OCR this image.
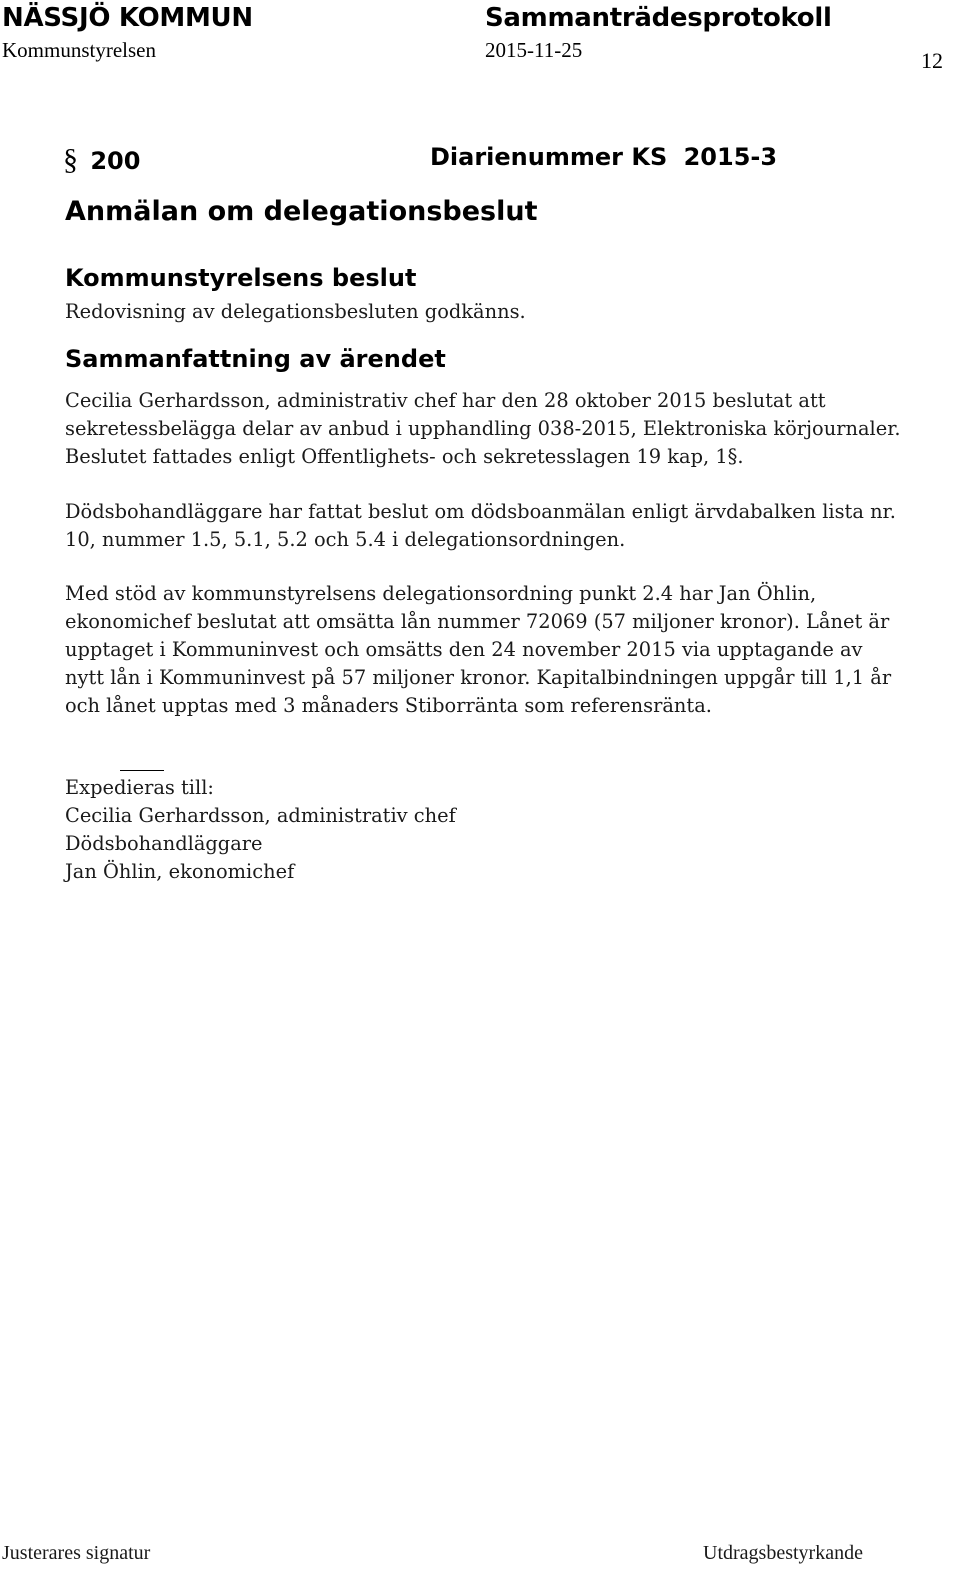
NÄSSJÖ KOMMUN	Sammanträdesprotokoll
Kommunstyrelsen	2015-11-25	12
§ 200	Diarienummer KS 2015-3
Anmälan om delegationsbeslut
Kommunstyrelsens beslut
Redovisning av delegationsbesluten godkänns.
Sammanfattning av ärendet
Cecilia Gerhardsson, administrativ chef har den 28 oktober 2015 beslutat att
sekretessbelägga delar av anbud i upphandling 038-2015, Elektroniska körjournaler.
Beslutet fattades enligt Offentlighets- och sekretesslagen 19 kap, 1§.
Dödsbohandläggare har fattat beslut om dödsboanmälan enligt ärvdabalken lista nr.
10, nummer 1.5, 5.1, 5.2 och 5.4 i delegationsordningen.
Med stöd av kommunstyrelsens delegationsordning punkt 2.4 har Jan Öhlin,
ekonomichef beslutat att omsätta lån nummer 72069 (57 miljoner kronor). Lånet är
upptaget i Kommuninvest och omsätts den 24 november 2015 via upptagande av
nytt lån i Kommuninvest på 57 miljoner kronor. Kapitalbindningen uppgår till 1,1 år
och lånet upptas med 3 månaders Stiborränta som referensränta.
Expedieras till:
Cecilia Gerhardsson, administrativ chef
Dödsbohandläggare
Jan Öhlin, ekonomichef
Justerares signatur	Utdragsbestyrkande
